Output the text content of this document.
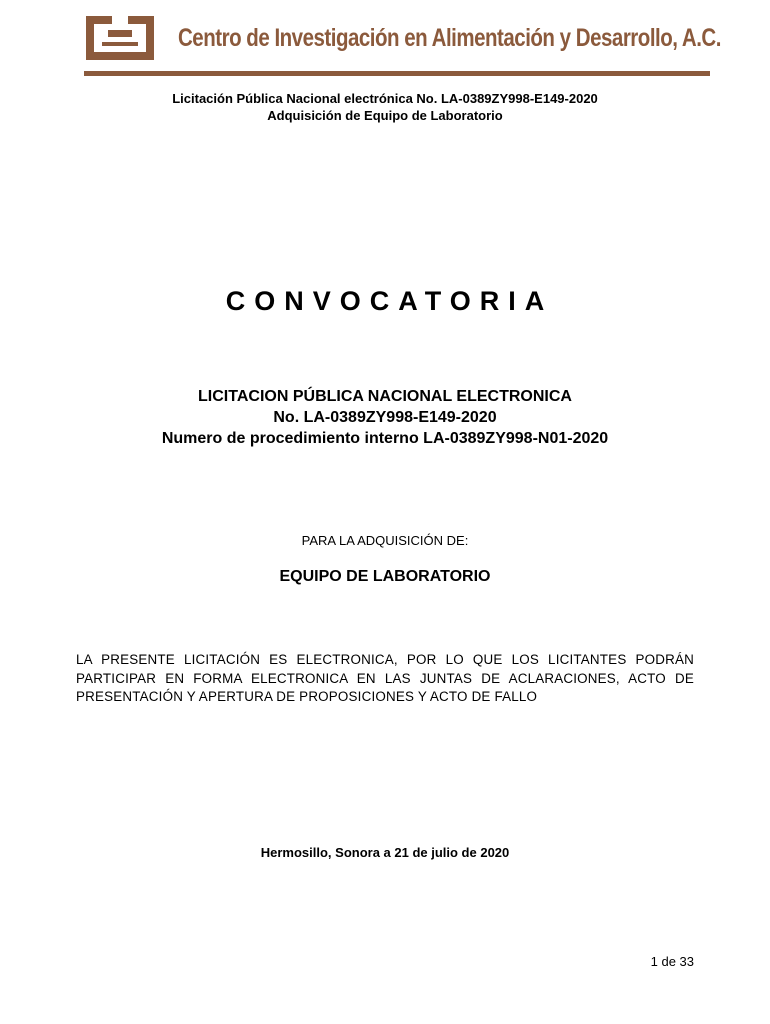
Centro de Investigación en Alimentación y Desarrollo, A.C.
Licitación Pública Nacional electrónica No. LA-0389ZY998-E149-2020
Adquisición de Equipo de Laboratorio
CONVOCATORIA
LICITACION PÚBLICA NACIONAL ELECTRONICA
No. LA-0389ZY998-E149-2020
Numero de procedimiento interno LA-0389ZY998-N01-2020
PARA LA ADQUISICIÓN DE:
EQUIPO DE LABORATORIO
LA PRESENTE LICITACIÓN ES ELECTRONICA, POR LO QUE LOS LICITANTES PODRÁN PARTICIPAR EN FORMA ELECTRONICA EN LAS JUNTAS DE ACLARACIONES, ACTO DE PRESENTACIÓN Y APERTURA DE PROPOSICIONES Y ACTO DE FALLO
Hermosillo, Sonora a 21 de julio de 2020
1 de 33
